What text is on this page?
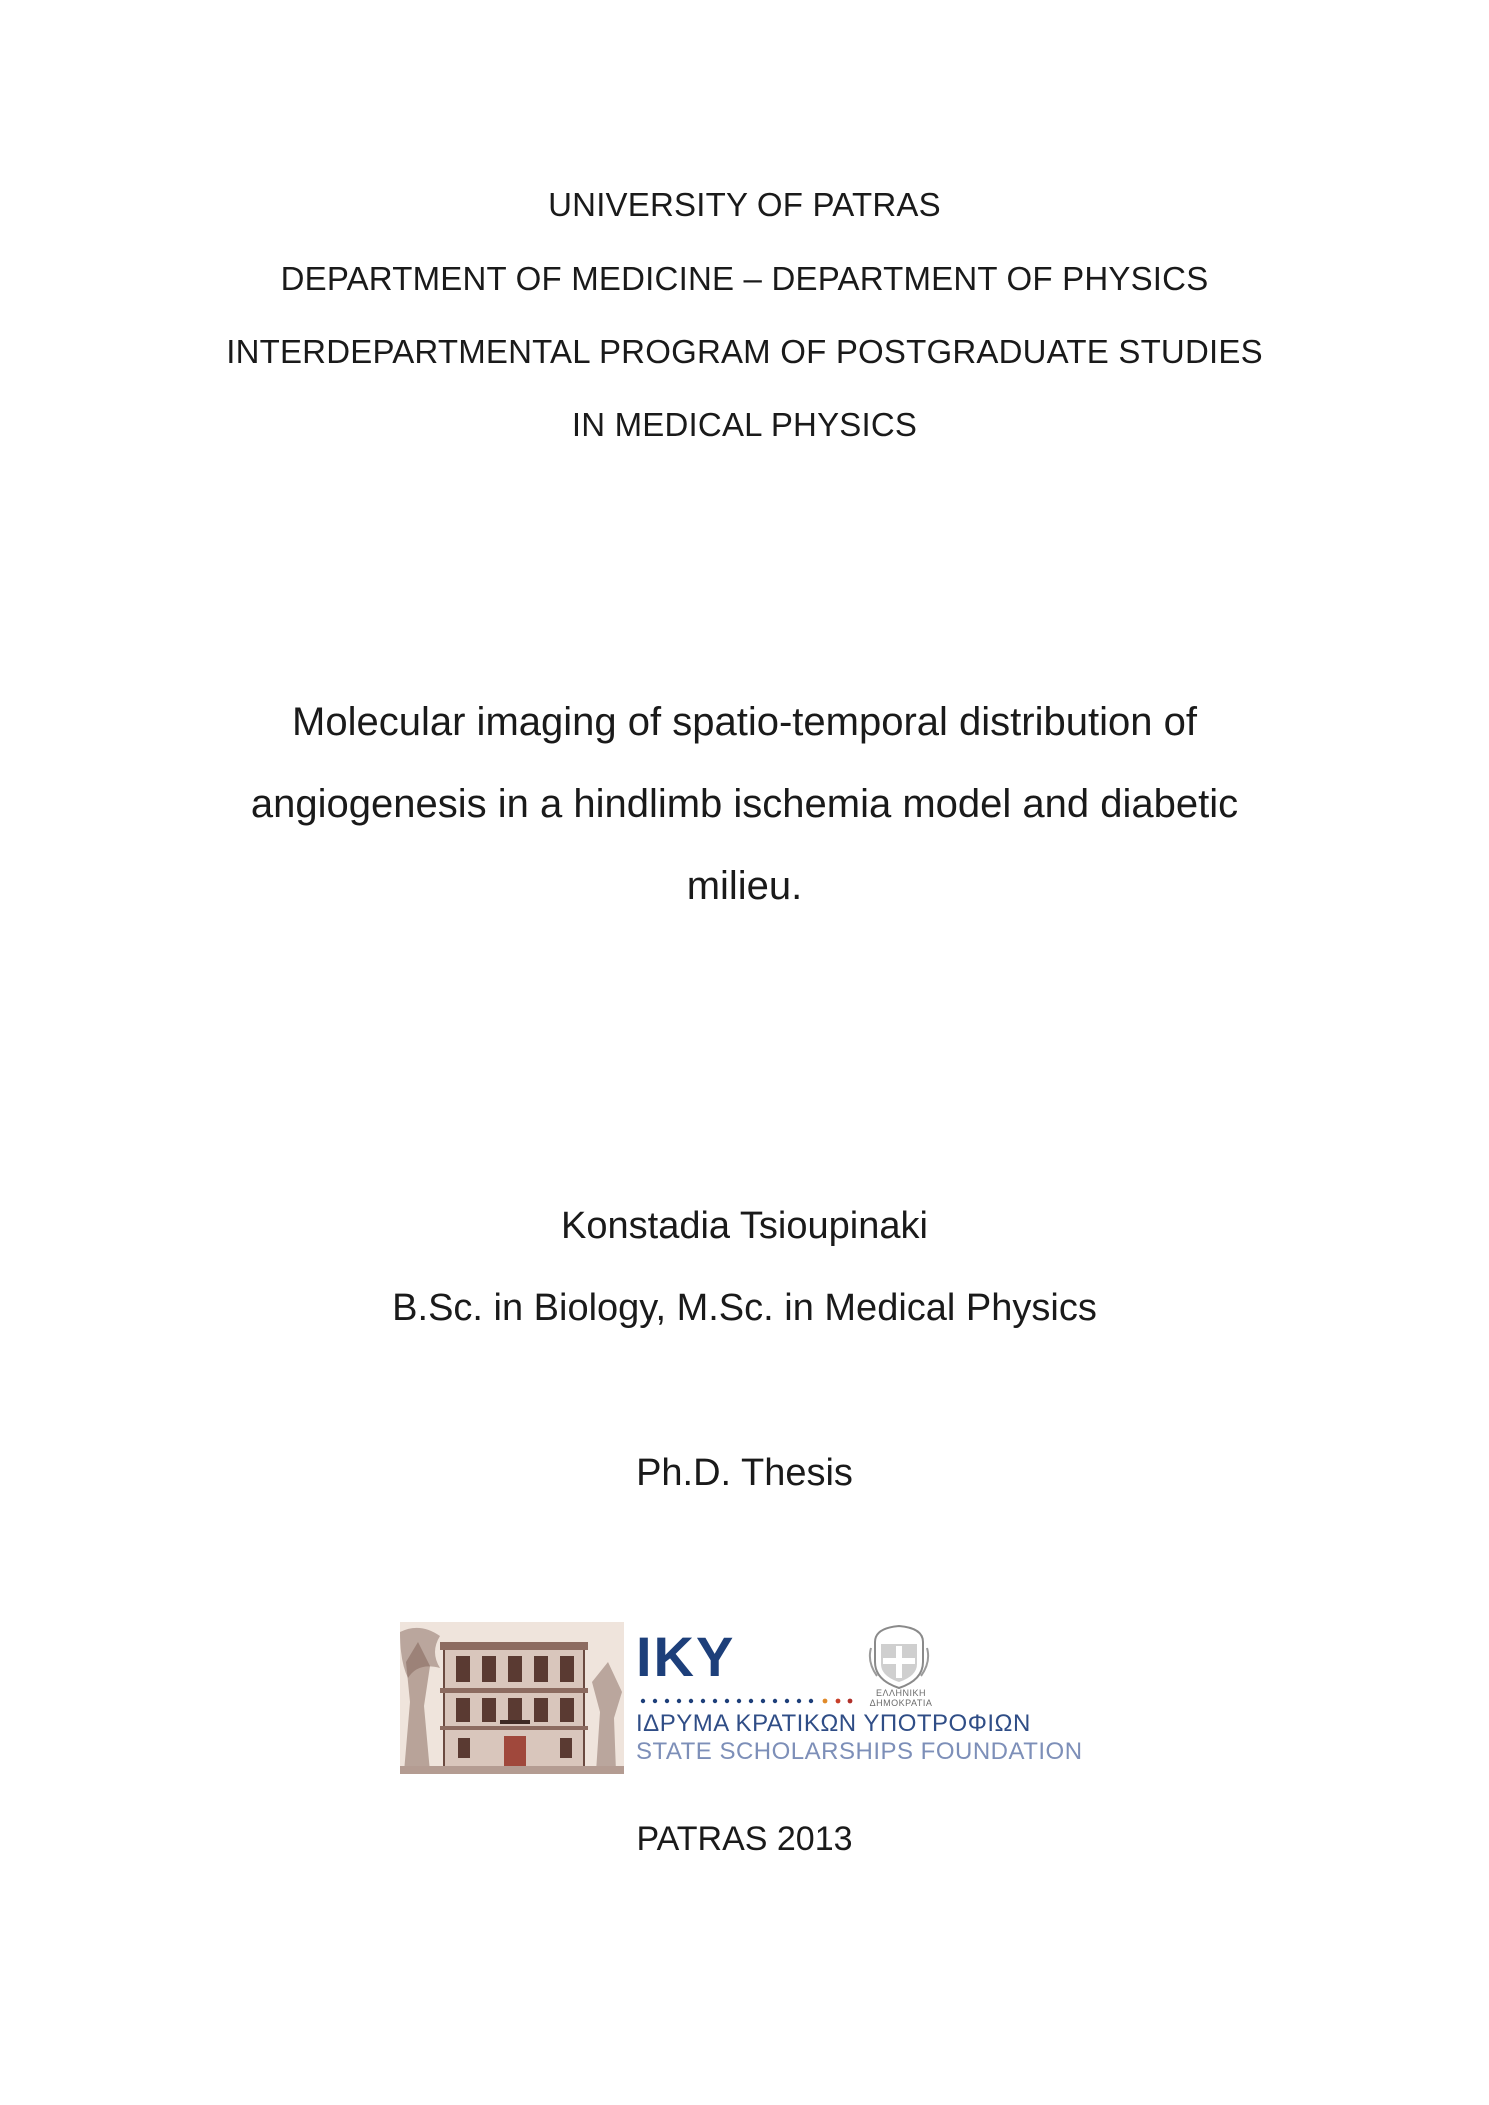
UNIVERSITY OF PATRAS
DEPARTMENT OF MEDICINE – DEPARTMENT OF PHYSICS
INTERDEPARTMENTAL PROGRAM OF POSTGRADUATE STUDIES
IN MEDICAL PHYSICS
Molecular imaging of spatio-temporal distribution of
angiogenesis in a hindlimb ischemia model and diabetic
milieu.
Konstadia Tsioupinaki
B.Sc. in Biology, M.Sc. in Medical Physics
Ph.D. Thesis
IKY
ΕΛΛΗΝΙΚΗ
ΔΗΜΟΚΡΑΤΙΑ
ΙΔΡΥΜΑ ΚΡΑΤΙΚΩΝ ΥΠΟΤΡΟΦΙΩΝ
STATE SCHOLARSHIPS FOUNDATION
PATRAS 2013
